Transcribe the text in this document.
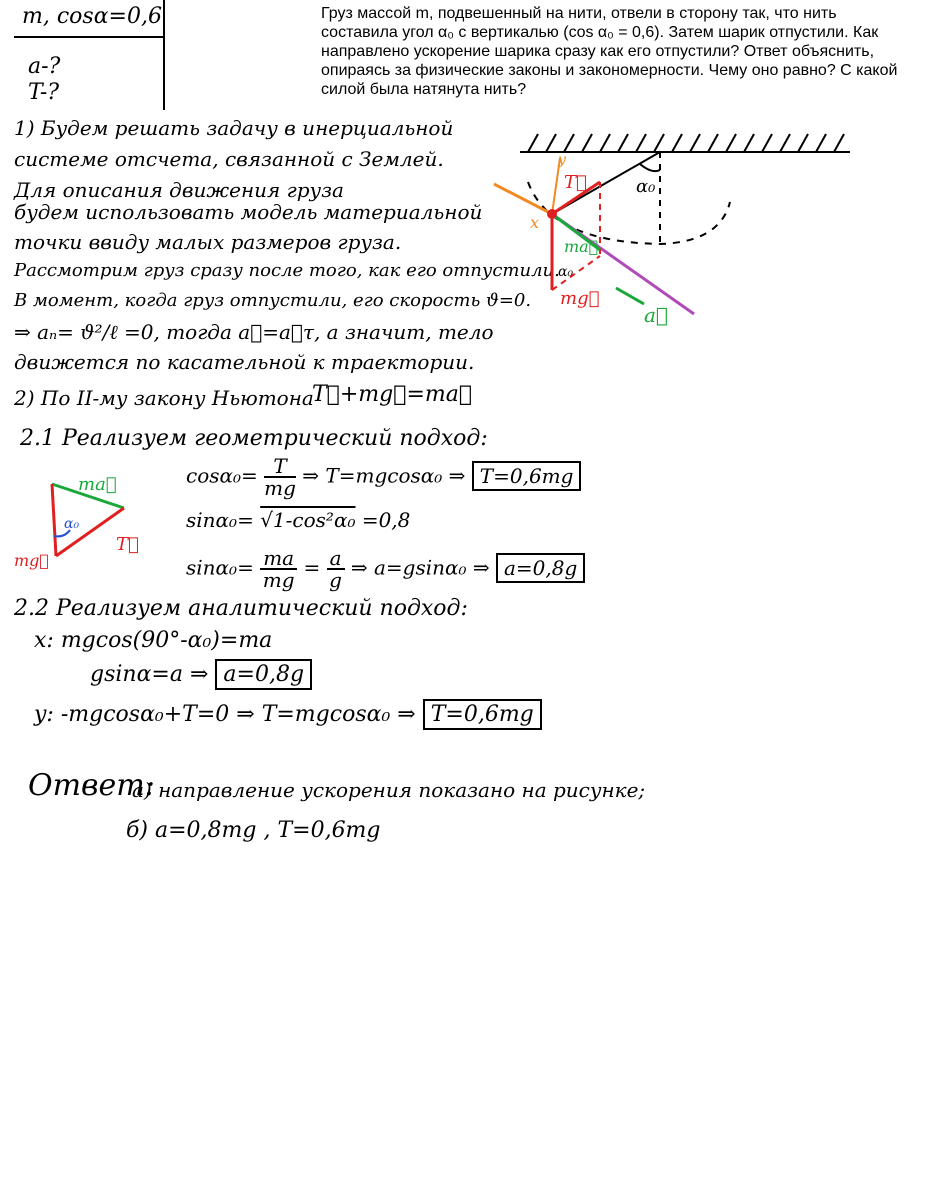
m, cosα=0,6
a-?
T-?
Груз массой m, подвешенный на нити, отвели в сторону так, что нить составила угол α₀ с вертикалью (cos α₀ = 0,6). Затем шарик отпустили. Как направлено ускорение шарика сразу как его отпустили? Ответ объяснить, опираясь за физические законы и закономерности. Чему оно равно? С какой силой была натянута нить?
1) Будем решать задачу в инерциальной
системе отсчета, связанной с Землей.
Для описания движения груза
будем использовать модель материальной
точки ввиду малых размеров груза.
Рассмотрим груз сразу после того, как его отпустили.
В момент, когда груз отпустили, его скорость ϑ=0.
⇒ aₙ= ϑ²/ℓ =0, тогда a⃗=a⃗τ, а значит, тело
движется по касательной к траектории.
2) По II-му закону Ньютона
T⃗+mg⃗=ma⃗
2.1 Реализуем геометрический подход:
$\cos\alpha_0= \frac{T}{mg}$ ⇒ T=mgcosα₀ ⇒ T=0,6mg
sinα₀= √1-cos²α₀ =0,8
$\sin\alpha_0= \frac{ma}{mg} = \frac{a}{g}$ ⇒ a=gsinα₀ ⇒ a=0,8g
2.2 Реализуем аналитический подход:
x: mgcos(90°-α₀)=ma
gsinα=a ⇒ a=0,8g
y: -mgcosα₀+T=0 ⇒ T=mgcosα₀ ⇒ T=0,6mg
Ответ:
а) направление ускорения показано на рисунке;
б) a=0,8mg , T=0,6mg
α₀
x
y
T⃗
mg⃗
ma⃗
α₀
a⃗
α₀
ma⃗
mg⃗
T⃗
